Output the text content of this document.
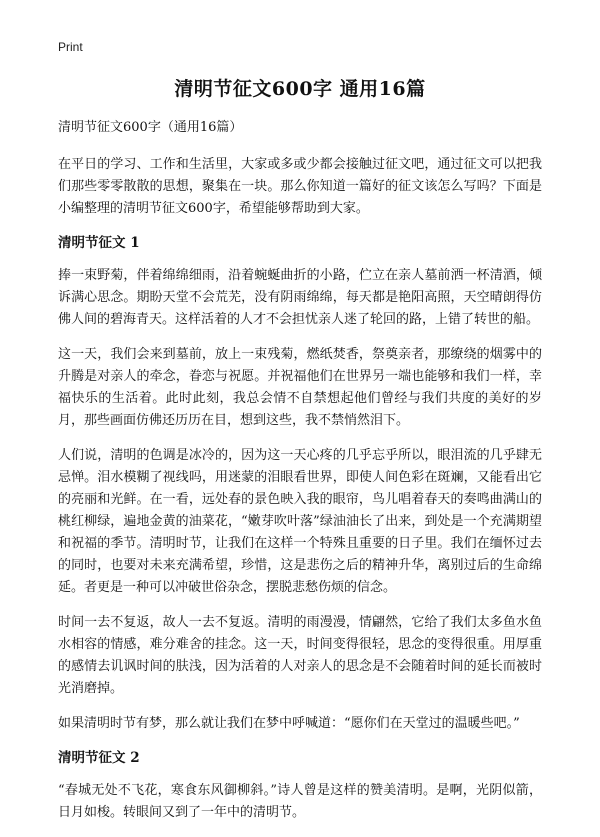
Print
清明节征文600字 通用16篇
清明节征文600字（通用16篇）

在平日的学习、工作和生活里，大家或多或少都会接触过征文吧，通过征文可以把我们那些零零散散的思想，聚集在一块。那么你知道一篇好的征文该怎么写吗？下面是小编整理的清明节征文600字，希望能够帮助到大家。

清明节征文 1

捧一束野菊，伴着绵绵细雨，沿着蜿蜒曲折的小路，伫立在亲人墓前洒一杯清酒，倾诉满心思念。期盼天堂不会荒芜，没有阴雨绵绵，每天都是艳阳高照，天空晴朗得仿佛人间的碧海青天。这样活着的人才不会担忧亲人迷了轮回的路，上错了转世的船。

这一天，我们会来到墓前，放上一束残菊，燃纸焚香，祭奠亲者，那缭绕的烟雾中的升腾是对亲人的牵念，眷恋与祝愿。并祝福他们在世界另一端也能够和我们一样，幸福快乐的生活着。此时此刻，我总会情不自禁想起他们曾经与我们共度的美好的岁月，那些画面仿佛还历历在目，想到这些，我不禁悄然泪下。

人们说，清明的色调是冰冷的，因为这一天心疼的几乎忘乎所以，眼泪流的几乎肆无忌惮。泪水模糊了视线吗，用迷蒙的泪眼看世界，即使人间色彩在斑斓，又能看出它的亮丽和光鲜。在一看，远处春的景色映入我的眼帘，鸟儿唱着春天的奏鸣曲满山的桃红柳绿，遍地金黄的油菜花，“嫩芽吹叶落”绿油油长了出来，到处是一个充满期望和祝福的季节。清明时节，让我们在这样一个特殊且重要的日子里。我们在缅怀过去的同时，也要对未来充满希望，珍惜，这是悲伤之后的精神升华，离别过后的生命绵延。者更是一种可以冲破世俗杂念，摆脱悲愁伤烦的信念。

时间一去不复返，故人一去不复返。清明的雨漫漫，情翩然，它给了我们太多鱼水鱼水相容的情感，难分难舍的挂念。这一天，时间变得很轻，思念的变得很重。用厚重的感情去讥讽时间的肤浅，因为活着的人对亲人的思念是不会随着时间的延长而被时光消磨掉。

如果清明时节有梦，那么就让我们在梦中呼喊道：“愿你们在天堂过的温暖些吧。”

清明节征文 2

“春城无处不飞花，寒食东风御柳斜。”诗人曾是这样的赞美清明。是啊，光阴似箭，日月如梭。转眼间又到了一年中的清明节。
